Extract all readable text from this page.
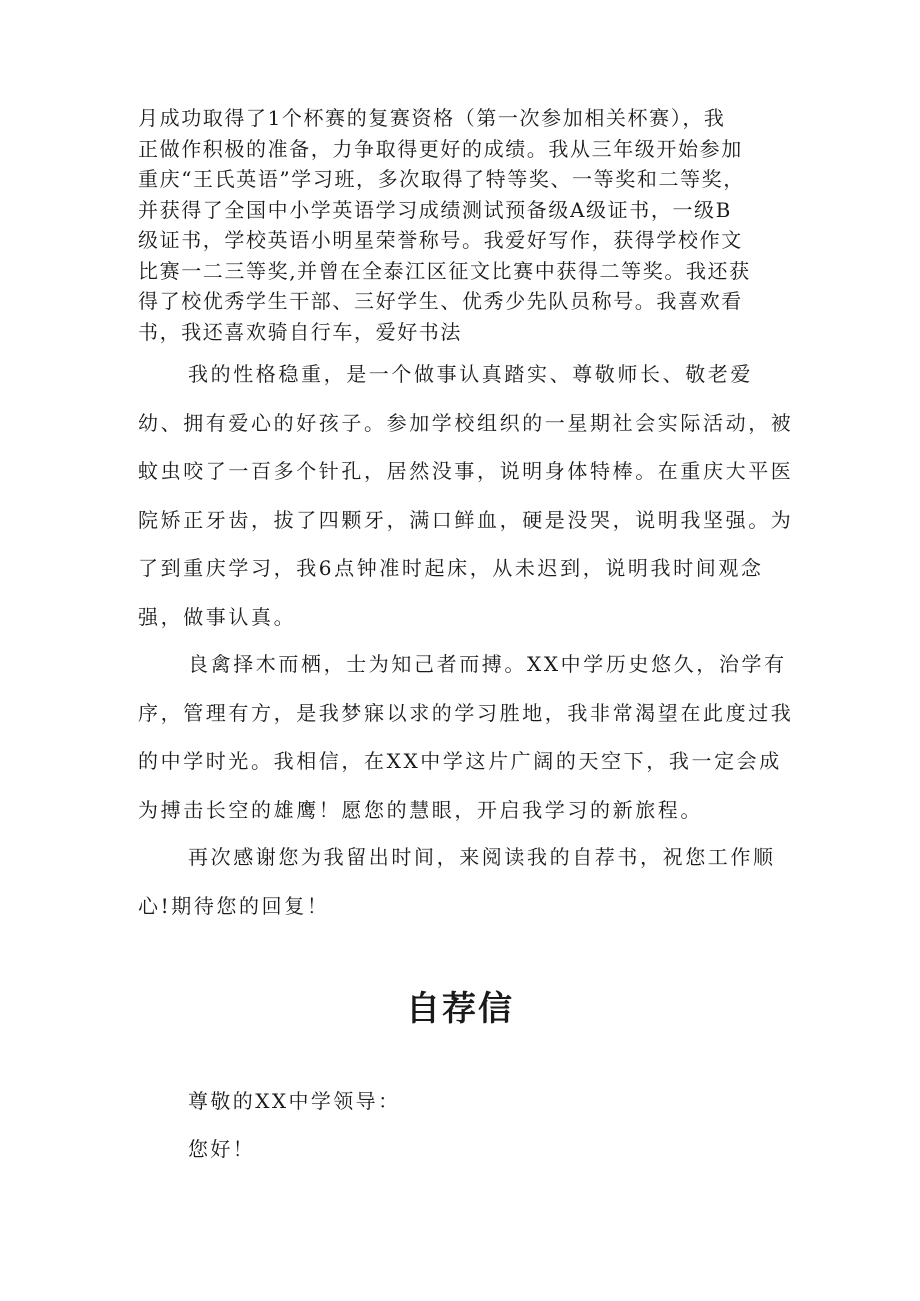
月成功取得了1个杯赛的复赛资格（第一次参加相关杯赛），我
正做作积极的准备，力争取得更好的成绩。我从三年级开始参加
重庆“王氏英语”学习班，多次取得了特等奖、一等奖和二等奖，
并获得了全国中小学英语学习成绩测试预备级A级证书，一级B
级证书，学校英语小明星荣誉称号。我爱好写作，获得学校作文
比赛一二三等奖,并曾在全泰江区征文比赛中获得二等奖。我还获
得了校优秀学生干部、三好学生、优秀少先队员称号。我喜欢看
书，我还喜欢骑自行车，爱好书法

我的性格稳重，是一个做事认真踏实、尊敬师长、敬老爱幼、拥有爱心的好孩子。参加学校组织的一星期社会实际活动，被蚊虫咬了一百多个针孔，居然没事，说明身体特棒。在重庆大平医院矫正牙齿，拔了四颗牙，满口鲜血，硬是没哭，说明我坚强。为了到重庆学习，我6点钟准时起床，从未迟到，说明我时间观念强，做事认真。

良禽择木而栖，士为知己者而搏。XX中学历史悠久，治学有序，管理有方，是我梦寐以求的学习胜地，我非常渴望在此度过我的中学时光。我相信，在XX中学这片广阔的天空下，我一定会成为搏击长空的雄鹰！愿您的慧眼，开启我学习的新旅程。

再次感谢您为我留出时间，来阅读我的自荐书，祝您工作顺心!期待您的回复！

自荐信

尊敬的XX中学领导：

您好！
